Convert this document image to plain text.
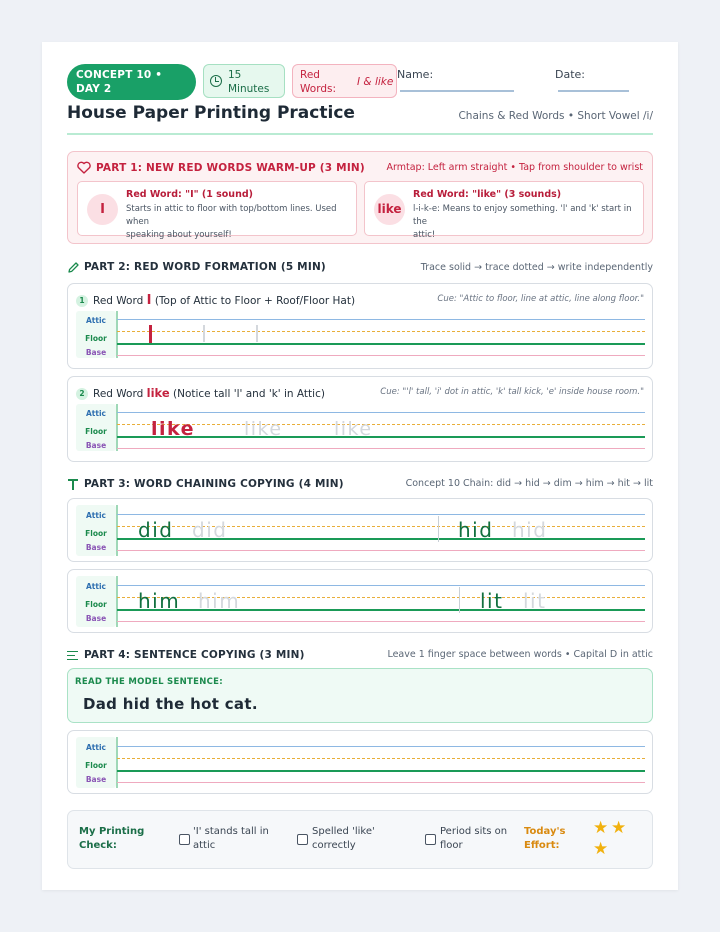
CONCEPT 10 • DAY 2
15 Minutes
Red Words:
I & like
Name:	Date:
House Paper Printing Practice	Chains & Red Words • Short Vowel /i/
PART 1: NEW RED WORDS WARM-UP (3 MIN) Armtap: Left arm straight • Tap from shoulder to wrist
I
Red Word: "I" (1 sound)
Starts in attic to floor with top/bottom lines. Used when
speaking about yourself!
like
Red Word: "like" (3 sounds)
l-i-k-e: Means to enjoy something. 'l' and 'k' start in the
attic!
PART 2: RED WORD FORMATION (5 MIN)	Trace solid → trace dotted → write independently
1 Red Word I (Top of Attic to Floor + Roof/Floor Hat)	Cue: "Attic to floor, line at attic, line along floor."
Attic
Floor
Base
2 Red Word like (Notice tall 'l' and 'k' in Attic)	Cue: "'l' tall, 'i' dot in attic, 'k' tall kick, 'e' inside house room."
Attic
Floor
Base
like	like	like
PART 3: WORD CHAINING COPYING (4 MIN)	Concept 10 Chain: did → hid → dim → him → hit → lit
Attic
Floor
Base
did did	hid hid
Attic
Floor
Base
him him	lit lit
PART 4: SENTENCE COPYING (3 MIN)	Leave 1 finger space between words • Capital D in attic
READ THE MODEL SENTENCE:
Dad hid the hot cat.
Attic
Floor
Base
My Printing Check:
'I' stands tall in attic
Spelled 'like' correctly
Period sits on floor
Today's Effort:
★ ★
★
